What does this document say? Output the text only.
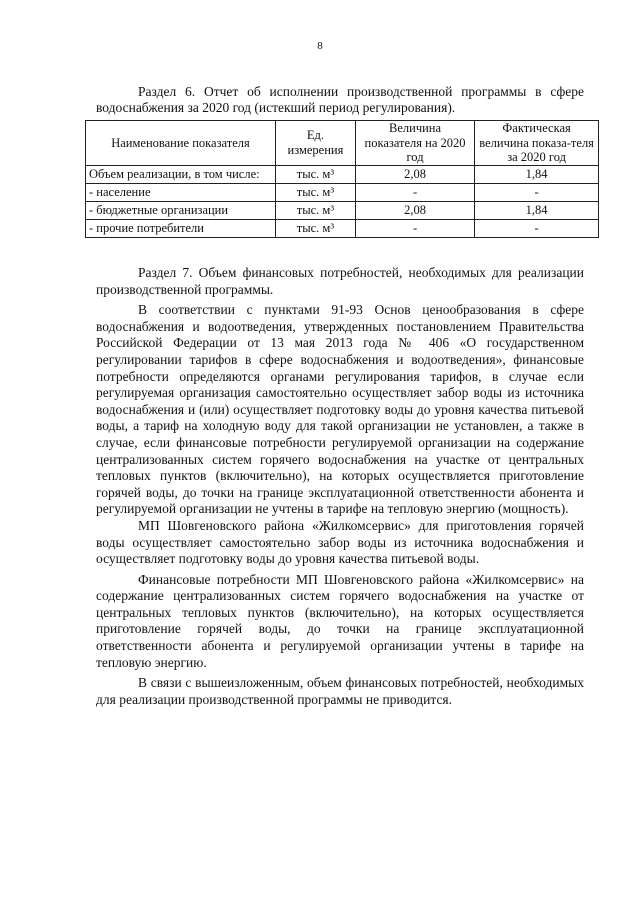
8

Раздел 6. Отчет об исполнении производственной программы в сфере водоснабжения за 2020 год (истекший период регулирования).

Наименование показателя	Ед. измерения	Величина показателя на 2020 год	Фактическая величина показа-теля за 2020 год
Объем реализации, в том числе:	тыс. м³	2,08	1,84
- население	тыс. м³	-	-
- бюджетные организации	тыс. м³	2,08	1,84
- прочие потребители	тыс. м³	-	-

Раздел 7. Объем финансовых потребностей, необходимых для реализации производственной программы.

В соответствии с пунктами 91-93 Основ ценообразования в сфере водоснабжения и водоотведения, утвержденных постановлением Правительства Российской Федерации от 13 мая 2013 года № 406 «О государственном регулировании тарифов в сфере водоснабжения и водоотведения», финансовые потребности определяются органами регулирования тарифов, в случае если регулируемая организация самостоятельно осуществляет забор воды из источника водоснабжения и (или) осуществляет подготовку воды до уровня качества питьевой воды, а тариф на холодную воду для такой организации не установлен, а также в случае, если финансовые потребности регулируемой организации на содержание централизованных систем горячего водоснабжения на участке от центральных тепловых пунктов (включительно), на которых осуществляется приготовление горячей воды, до точки на границе эксплуатационной ответственности абонента и регулируемой организации не учтены в тарифе на тепловую энергию (мощность).

МП Шовгеновского района «Жилкомсервис» для приготовления горячей воды осуществляет самостоятельно забор воды из источника водоснабжения и осуществляет подготовку воды до уровня качества питьевой воды.

Финансовые потребности МП Шовгеновского района «Жилкомсервис» на содержание централизованных систем горячего водоснабжения на участке от центральных тепловых пунктов (включительно), на которых осуществляется приготовление горячей воды, до точки на границе эксплуатационной ответственности абонента и регулируемой организации учтены в тарифе на тепловую энергию.

В связи с вышеизложенным, объем финансовых потребностей, необходимых для реализации производственной программы не приводится.
